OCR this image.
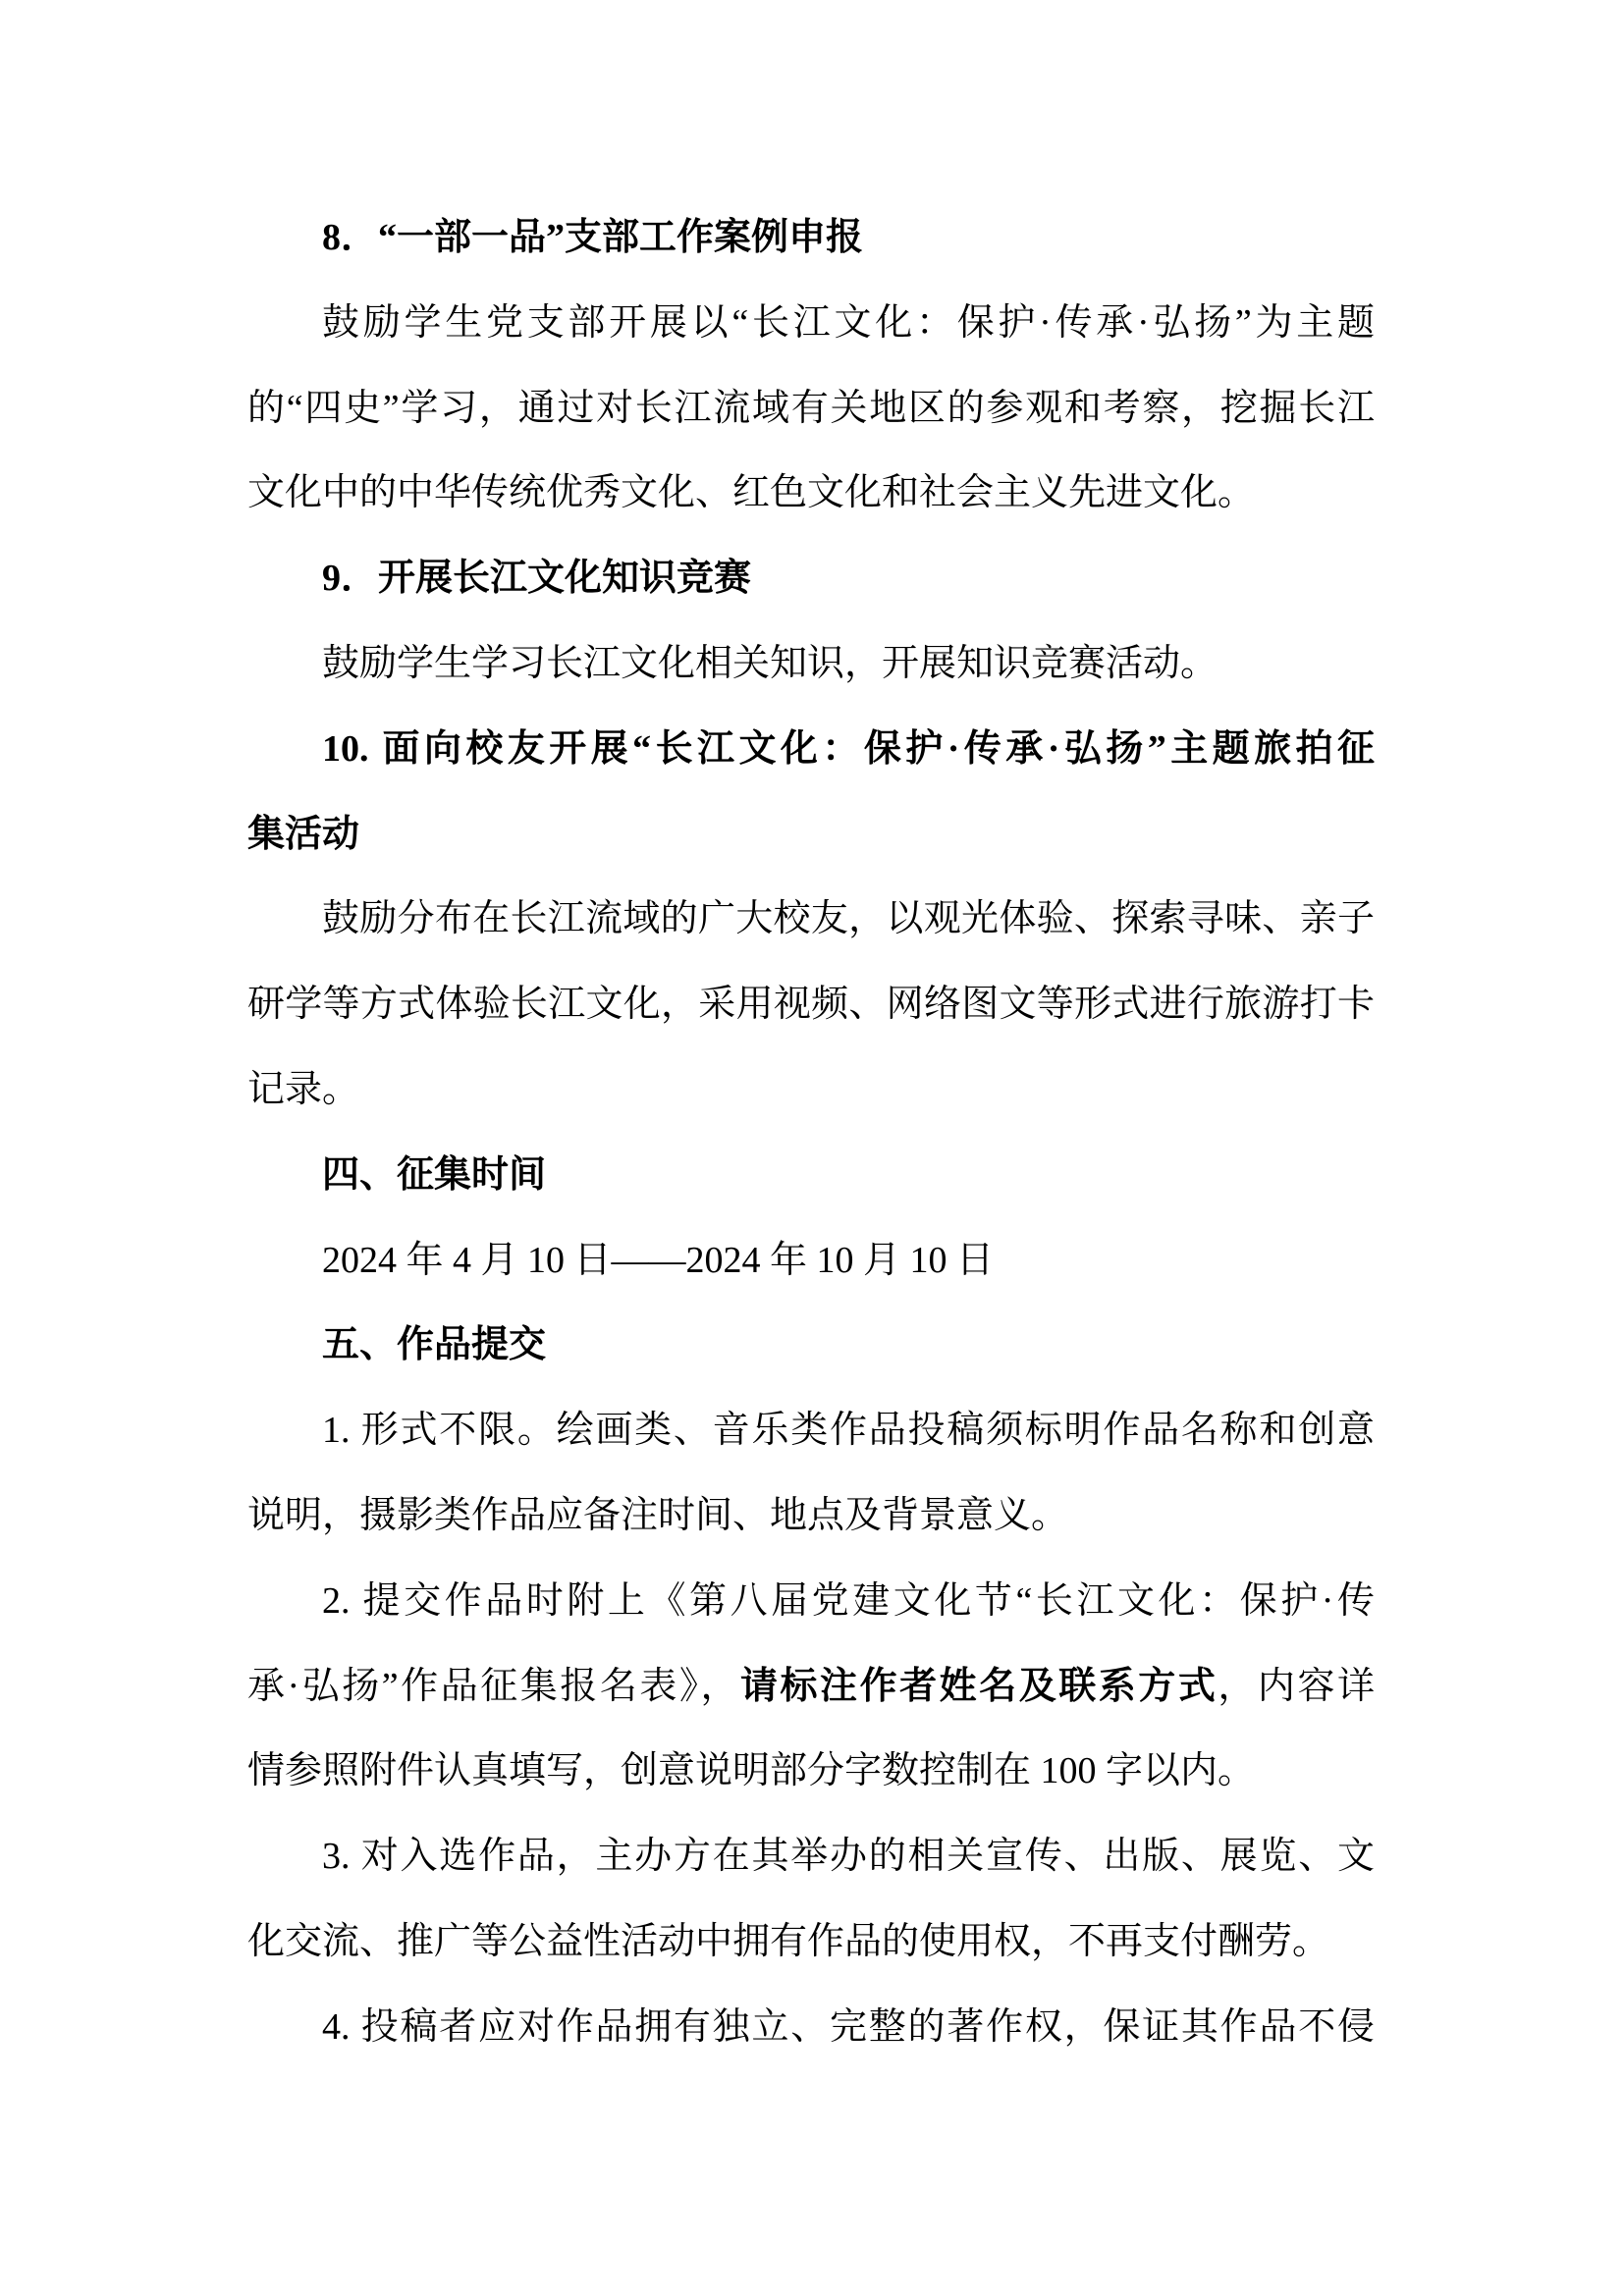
8．“一部一品”支部工作案例申报
鼓励学生党支部开展以“长江文化：保护·传承·弘扬”为主题
的“四史”学习，通过对长江流域有关地区的参观和考察，挖掘长江
文化中的中华传统优秀文化、红色文化和社会主义先进文化。
9．开展长江文化知识竞赛
鼓励学生学习长江文化相关知识，开展知识竞赛活动。
10. 面向校友开展“长江文化：保护·传承·弘扬”主题旅拍征
集活动
鼓励分布在长江流域的广大校友，以观光体验、探索寻味、亲子
研学等方式体验长江文化，采用视频、网络图文等形式进行旅游打卡
记录。
四、征集时间
2024 年 4 月 10 日——2024 年 10 月 10 日
五、作品提交
1. 形式不限。绘画类、音乐类作品投稿须标明作品名称和创意
说明，摄影类作品应备注时间、地点及背景意义。
2. 提交作品时附上《第八届党建文化节“长江文化：保护·传
承·弘扬”作品征集报名表》，请标注作者姓名及联系方式，内容详
情参照附件认真填写，创意说明部分字数控制在 100 字以内。
3. 对入选作品，主办方在其举办的相关宣传、出版、展览、文
化交流、推广等公益性活动中拥有作品的使用权，不再支付酬劳。
4. 投稿者应对作品拥有独立、完整的著作权，保证其作品不侵
